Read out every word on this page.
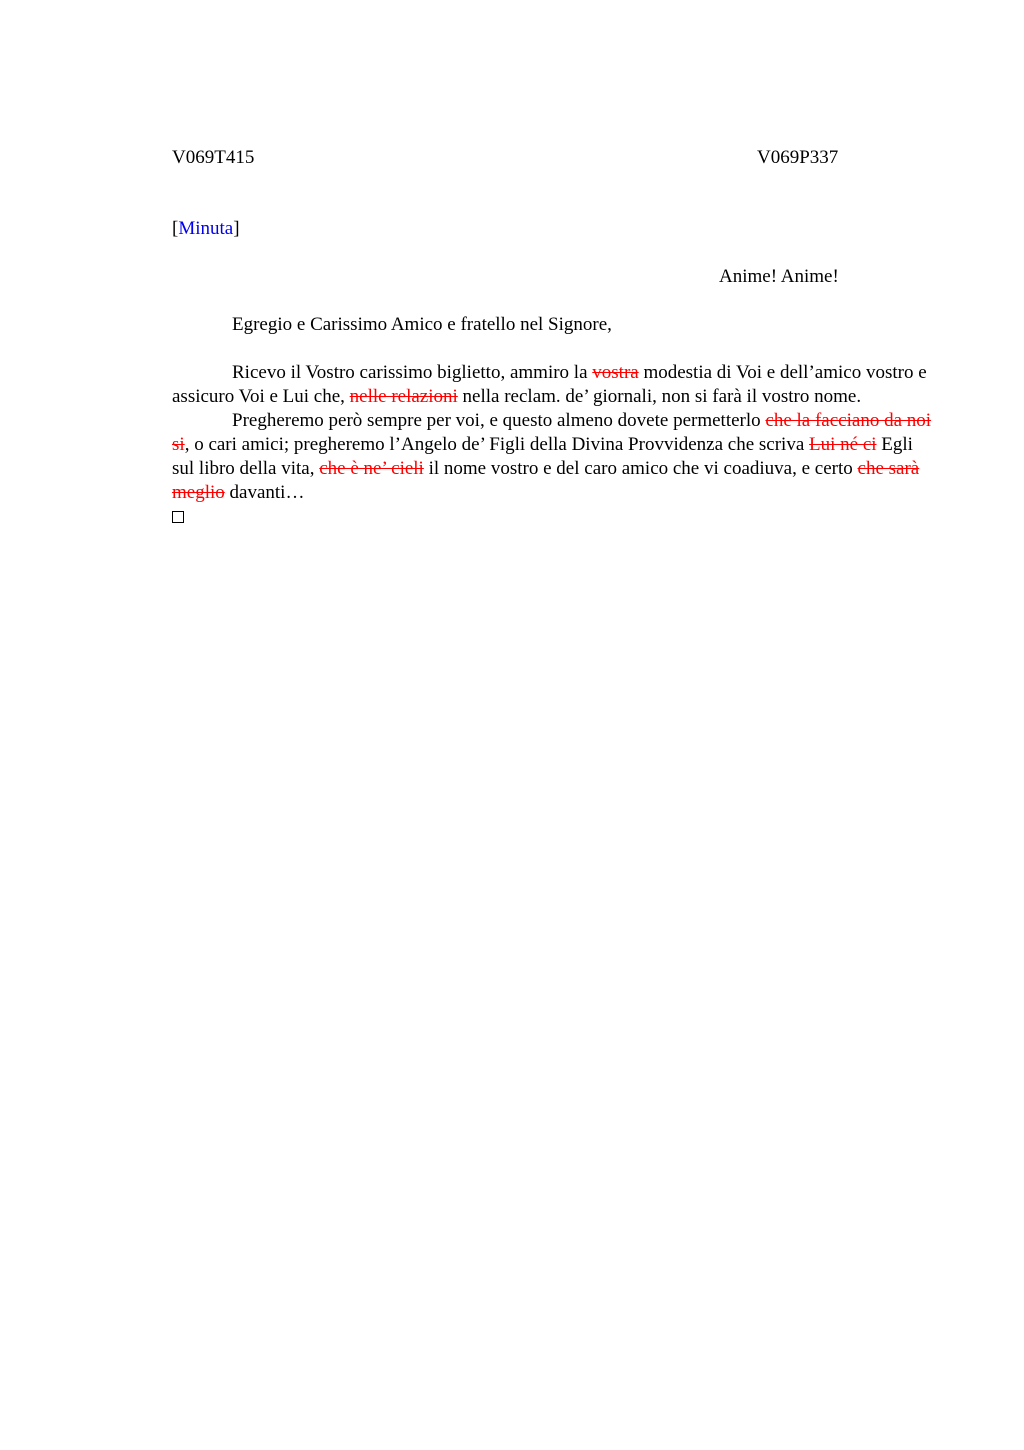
V069T415	V069P337
[Minuta]
Anime! Anime!

Egregio e Carissimo Amico e fratello nel Signore,

Ricevo il Vostro carissimo biglietto, ammiro la vostra modestia di Voi e dell’amico vostro e assicuro Voi e Lui che, nelle relazioni nella reclam. de’ giornali, non si farà il vostro nome.

Pregheremo però sempre per voi, e questo almeno dovete permetterlo che la facciano da noi si, o cari amici; pregheremo l’Angelo de’ Figli della Divina Provvidenza che scriva Lui né ci Egli sul libro della vita, che è ne’ cieli il nome vostro e del caro amico che vi coadiuva, e certo che sarà meglio davanti…
